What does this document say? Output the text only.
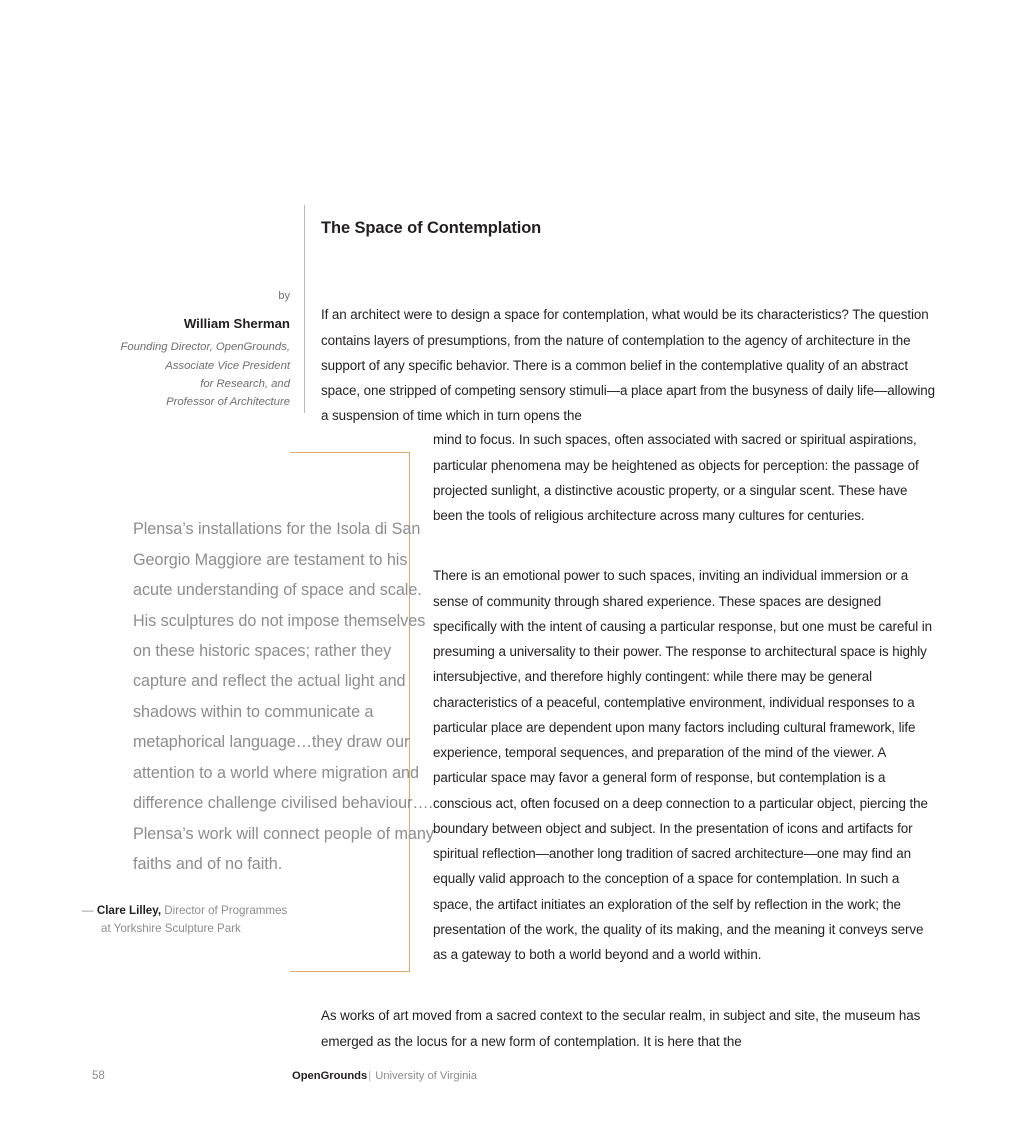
The Space of Contemplation
by
William Sherman
Founding Director, OpenGrounds,
Associate Vice President
for Research, and
Professor of Architecture
Plensa’s installations for the Isola di San Georgio Maggiore are testament to his acute understanding of space and scale. His sculptures do not impose themselves on these historic spaces; rather they capture and reflect the actual light and shadows within to communicate a metaphorical language…they draw our attention to a world where migration and difference challenge civilised behaviour…. Plensa’s work will connect people of many faiths and of no faith.
— Clare Lilley, Director of Programmes
at Yorkshire Sculpture Park

If an architect were to design a space for contemplation, what would be its characteristics? The question contains layers of presumptions, from the nature of contemplation to the agency of architecture in the support of any specific behavior. There is a common belief in the contemplative quality of an abstract space, one stripped of competing sensory stimuli—a place apart from the busyness of daily life—allowing a suspension of time which in turn opens the

mind to focus. In such spaces, often associated with sacred or spiritual aspirations, particular phenomena may be heightened as objects for perception: the passage of projected sunlight, a distinctive acoustic property, or a singular scent. These have been the tools of religious architecture across many cultures for centuries.

There is an emotional power to such spaces, inviting an individual immersion or a sense of community through shared experience. These spaces are designed specifically with the intent of causing a particular response, but one must be careful in presuming a universality to their power. The response to architectural space is highly intersubjective, and therefore highly contingent: while there may be general characteristics of a peaceful, contemplative environment, individual responses to a particular place are dependent upon many factors including cultural framework, life experience, temporal sequences, and preparation of the mind of the viewer. A particular space may favor a general form of response, but contemplation is a conscious act, often focused on a deep connection to a particular object, piercing the boundary between object and subject. In the presentation of icons and artifacts for spiritual reflection—another long tradition of sacred architecture—one may find an equally valid approach to the conception of a space for contemplation. In such a space, the artifact initiates an exploration of the self by reflection in the work; the presentation of the work, the quality of its making, and the meaning it conveys serve as a gateway to both a world beyond and a world within.

As works of art moved from a sacred context to the secular realm, in subject and site, the museum has emerged as the locus for a new form of contemplation. It is here that the

58	OpenGrounds| University of Virginia
